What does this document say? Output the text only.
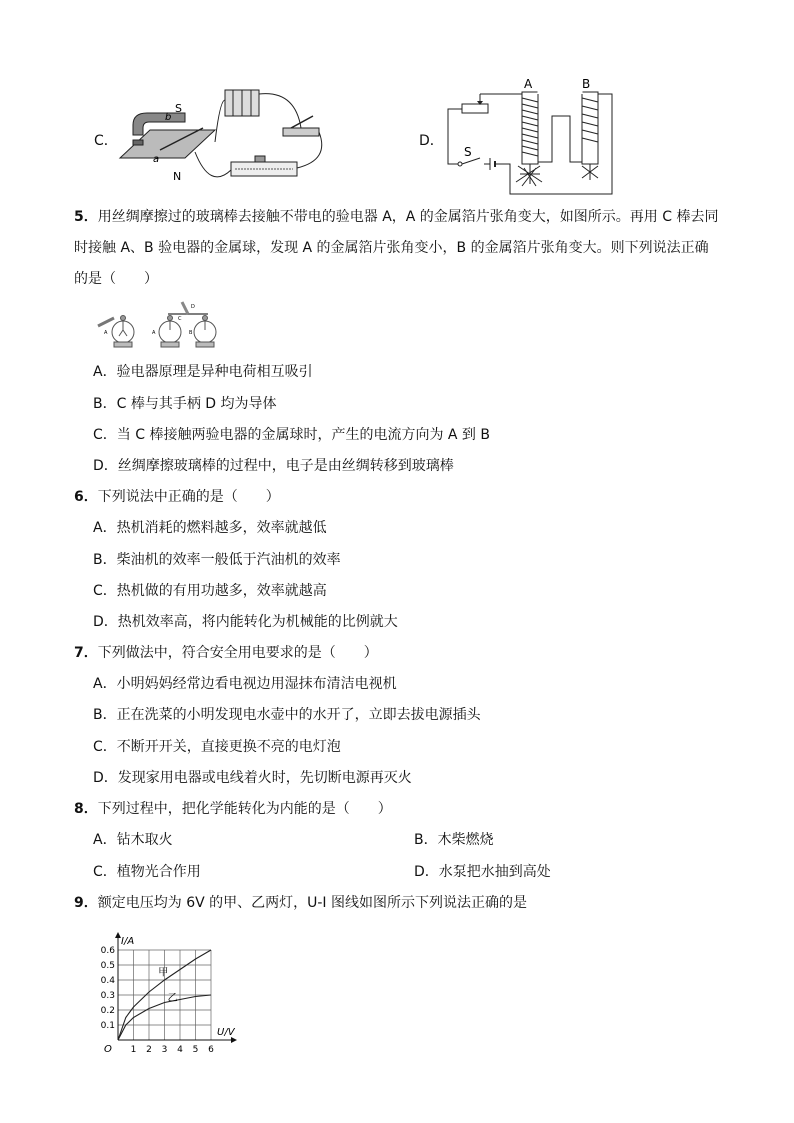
C．
b
a
S
N
D．
A	B
S
5．用丝绸摩擦过的玻璃棒去接触不带电的验电器 A，A 的金属箔片张角变大，如图所示。再用 C 棒去同
时接触 A、B 验电器的金属球，发现 A 的金属箔片张角变小，B 的金属箔片张角变大。则下列说法正确
的是（　　）
A	A	B
C
D
A．验电器原理是异种电荷相互吸引
B．C 棒与其手柄 D 均为导体
C．当 C 棒接触两验电器的金属球时，产生的电流方向为 A 到 B
D．丝绸摩擦玻璃棒的过程中，电子是由丝绸转移到玻璃棒
6．下列说法中正确的是（　　）
A．热机消耗的燃料越多，效率就越低
B．柴油机的效率一般低于汽油机的效率
C．热机做的有用功越多，效率就越高
D．热机效率高，将内能转化为机械能的比例就大
7．下列做法中，符合安全用电要求的是（　　）
A．小明妈妈经常边看电视边用湿抹布清洁电视机
B．正在洗菜的小明发现电水壶中的水开了，立即去拔电源插头
C．不断开开关，直接更换不亮的电灯泡
D．发现家用电器或电线着火时，先切断电源再灭火
8．下列过程中，把化学能转化为内能的是（　　）
A．钻木取火	B．木柴燃烧
C．植物光合作用	D．水泵把水抽到高处
9．额定电压均为 6V 的甲、乙两灯，U-I 图线如图所示下列说法正确的是
U/V
I/A
O 1 2 3 4 5 6
0.1
0.2
0.3
0.4
0.5
0.6
甲
乙
